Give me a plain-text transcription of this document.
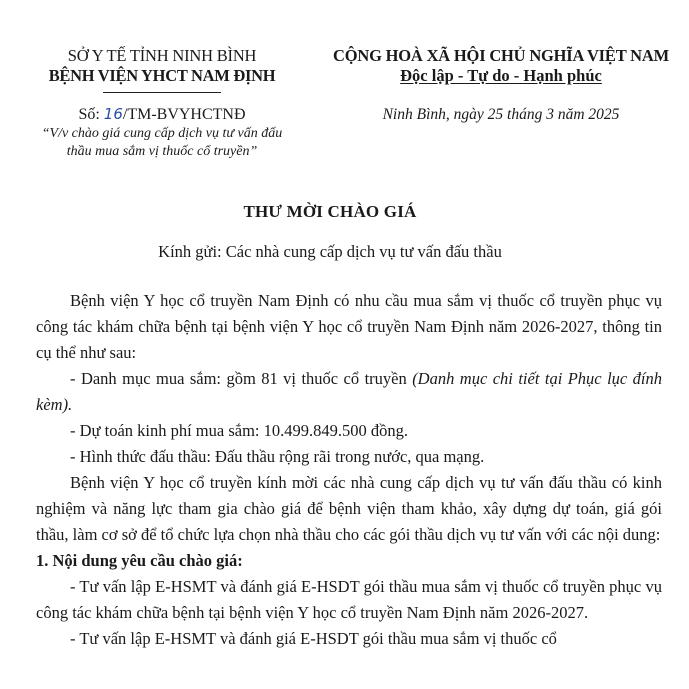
SỞ Y TẾ TỈNH NINH BÌNH
BỆNH VIỆN YHCT NAM ĐỊNH
Số: 16/TM-BVYHCTNĐ
“V/v chào giá cung cấp dịch vụ tư vấn đấu thầu mua sắm vị thuốc cổ truyền”
CỘNG HOÀ XÃ HỘI CHỦ NGHĨA VIỆT NAM
Độc lập - Tự do - Hạnh phúc
Ninh Bình, ngày 25 tháng 3 năm 2025
THƯ MỜI CHÀO GIÁ
Kính gửi: Các nhà cung cấp dịch vụ tư vấn đấu thầu

Bệnh viện Y học cổ truyền Nam Định có nhu cầu mua sắm vị thuốc cổ truyền phục vụ công tác khám chữa bệnh tại bệnh viện Y học cổ truyền Nam Định năm 2026-2027, thông tin cụ thể như sau:

- Danh mục mua sắm: gồm 81 vị thuốc cổ truyền (Danh mục chi tiết tại Phục lục đính kèm).

- Dự toán kinh phí mua sắm: 10.499.849.500 đồng.

- Hình thức đấu thầu: Đấu thầu rộng rãi trong nước, qua mạng.

Bệnh viện Y học cổ truyền kính mời các nhà cung cấp dịch vụ tư vấn đấu thầu có kinh nghiệm và năng lực tham gia chào giá để bệnh viện tham khảo, xây dựng dự toán, giá gói thầu, làm cơ sở để tổ chức lựa chọn nhà thầu cho các gói thầu dịch vụ tư vấn với các nội dung:

1. Nội dung yêu cầu chào giá:

- Tư vấn lập E-HSMT và đánh giá E-HSDT gói thầu mua sắm vị thuốc cổ truyền phục vụ công tác khám chữa bệnh tại bệnh viện Y học cổ truyền Nam Định năm 2026-2027.

- Tư vấn lập E-HSMT và đánh giá E-HSDT gói thầu mua sắm vị thuốc cổ
